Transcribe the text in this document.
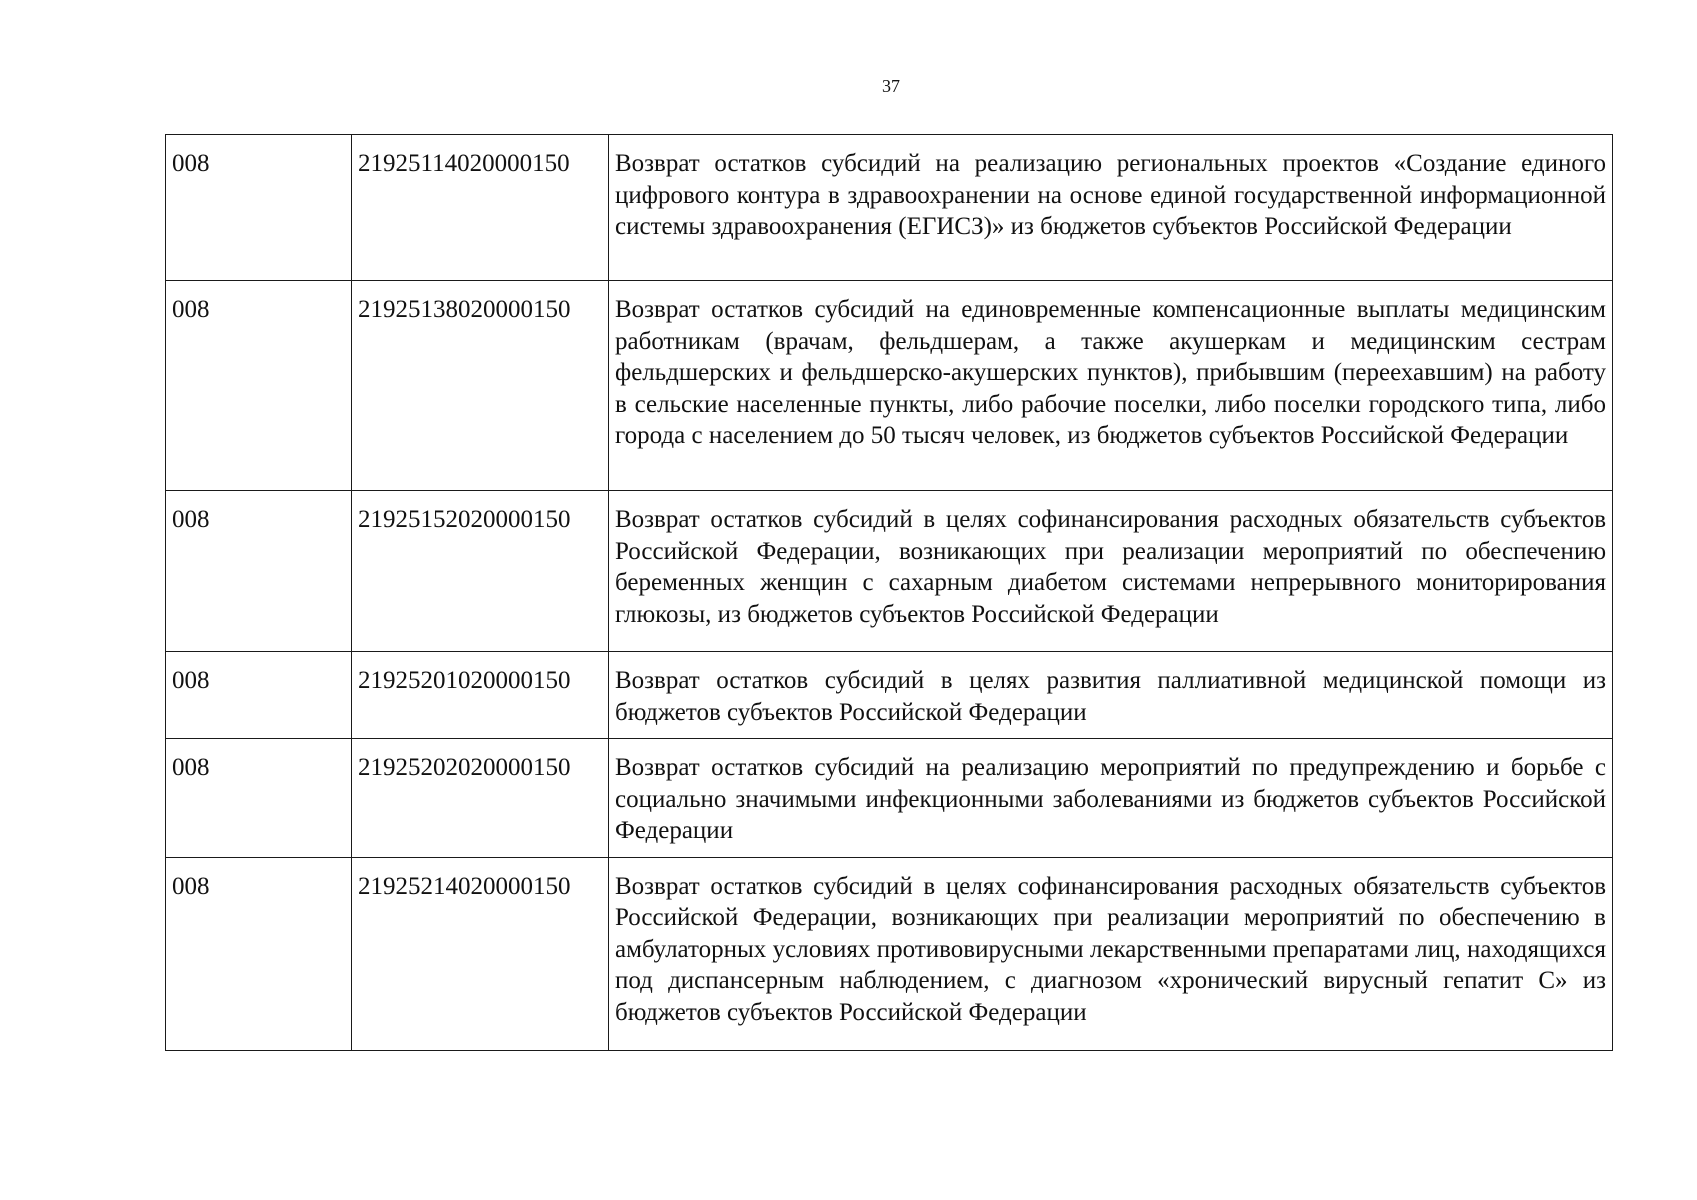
37
008	21925114020000150	Возврат остатков субсидий на реализацию региональных проектов «Создание единого цифрового контура в здравоохранении на основе единой государственной информационной системы здравоохранения (ЕГИСЗ)» из бюджетов субъектов Российской Федерации
008	21925138020000150	Возврат остатков субсидий на единовременные компенсационные выплаты медицинским работникам (врачам, фельдшерам, а также акушеркам и медицинским сестрам фельдшерских и фельдшерско-акушерских пунктов), прибывшим (переехавшим) на работу в сельские населенные пункты, либо рабочие поселки, либо поселки городского типа, либо города с населением до 50 тысяч человек, из бюджетов субъектов Российской Федерации
008	21925152020000150	Возврат остатков субсидий в целях софинансирования расходных обязательств субъектов Российской Федерации, возникающих при реализации мероприятий по обеспечению беременных женщин с сахарным диабетом системами непрерывного мониторирования глюкозы, из бюджетов субъектов Российской Федерации
008	21925201020000150	Возврат остатков субсидий в целях развития паллиативной медицинской помощи из бюджетов субъектов Российской Федерации
008	21925202020000150	Возврат остатков субсидий на реализацию мероприятий по предупреждению и борьбе с социально значимыми инфекционными заболеваниями из бюджетов субъектов Российской Федерации
008	21925214020000150	Возврат остатков субсидий в целях софинансирования расходных обязательств субъектов Российской Федерации, возникающих при реализации мероприятий по обеспечению в амбулаторных условиях противовирусными лекарственными препаратами лиц, находящихся под диспансерным наблюдением, с диагнозом «хронический вирусный гепатит С» из бюджетов субъектов Российской Федерации
